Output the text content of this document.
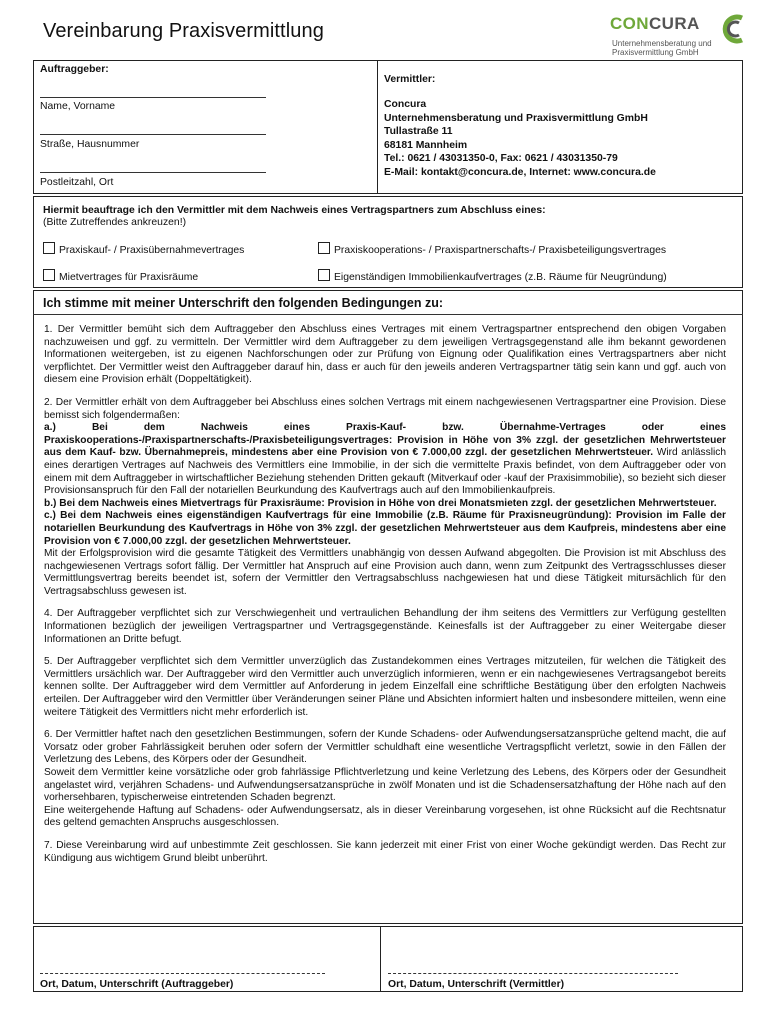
Vereinbarung Praxisvermittlung	CONCURA
Unternehmensberatung und
Praxisvermittlung GmbH
Auftraggeber:
Name, Vorname
Straße, Hausnummer
Postleitzahl, Ort
Vermittler:
Concura
Unternehmensberatung und Praxisvermittlung GmbH
Tullastraße 11
68181 Mannheim
Tel.: 0621 / 43031350-0, Fax: 0621 / 43031350-79
E-Mail: kontakt@concura.de, Internet: www.concura.de
Hiermit beauftrage ich den Vermittler mit dem Nachweis eines Vertragspartners zum Abschluss eines:
(Bitte Zutreffendes ankreuzen!)
Praxiskauf- / Praxisübernahmevertrages	Praxiskooperations- / Praxispartnerschafts-/ Praxisbeteiligungsvertrages
Mietvertrages für Praxisräume	Eigenständigen Immobilienkaufvertrages (z.B. Räume für Neugründung)
Ich stimme mit meiner Unterschrift den folgenden Bedingungen zu:

1. Der Vermittler bemüht sich dem Auftraggeber den Abschluss eines Vertrages mit einem Vertragspartner entsprechend den obigen Vorgaben nachzuweisen und ggf. zu vermitteln. Der Vermittler wird dem Auftraggeber zu dem jeweiligen Vertragsgegenstand alle ihm bekannt gewordenen Informationen weitergeben, ist zu eigenen Nachforschungen oder zur Prüfung von Eignung oder Qualifikation eines Vertragspartners aber nicht verpflichtet. Der Vermittler weist den Auftraggeber darauf hin, dass er auch für den jeweils anderen Vertragspartner tätig sein kann und ggf. auch von diesem eine Provision erhält (Doppeltätigkeit).

2. Der Vermittler erhält von dem Auftraggeber bei Abschluss eines solchen Vertrags mit einem nachgewiesenen Vertragspartner eine Provision. Diese bemisst sich folgendermaßen:
a.) Bei dem Nachweis eines Praxis-Kauf- bzw. Übernahme-Vertrages oder eines Praxiskooperations-/Praxispartnerschafts-/Praxisbeteiligungsvertrages: Provision in Höhe von 3% zzgl. der gesetzlichen Mehrwertsteuer aus dem Kauf- bzw. Übernahmepreis, mindestens aber eine Provision von € 7.000,00 zzgl. der gesetzlichen Mehrwertsteuer. Wird anlässlich eines derartigen Vertrages auf Nachweis des Vermittlers eine Immobilie, in der sich die vermittelte Praxis befindet, von dem Auftraggeber oder von einem mit dem Auftraggeber in wirtschaftlicher Beziehung stehenden Dritten gekauft (Mitverkauf oder -kauf der Praxisimmobilie), so bezieht sich dieser Provisionsanspruch für den Fall der notariellen Beurkundung des Kaufvertrags auch auf den Immobilienkaufpreis.
b.) Bei dem Nachweis eines Mietvertrags für Praxisräume: Provision in Höhe von drei Monatsmieten zzgl. der gesetzlichen Mehrwertsteuer.
c.) Bei dem Nachweis eines eigenständigen Kaufvertrags für eine Immobilie (z.B. Räume für Praxisneugründung): Provision im Falle der notariellen Beurkundung des Kaufvertrags in Höhe von 3% zzgl. der gesetzlichen Mehrwertsteuer aus dem Kaufpreis, mindestens aber eine Provision von € 7.000,00 zzgl. der gesetzlichen Mehrwertsteuer.
Mit der Erfolgsprovision wird die gesamte Tätigkeit des Vermittlers unabhängig von dessen Aufwand abgegolten. Die Provision ist mit Abschluss des nachgewiesenen Vertrags sofort fällig. Der Vermittler hat Anspruch auf eine Provision auch dann, wenn zum Zeitpunkt des Vertragsschlusses dieser Vermittlungsvertrag bereits beendet ist, sofern der Vermittler den Vertragsabschluss nachgewiesen hat und diese Tätigkeit mitursächlich für den Vertragsabschluss gewesen ist.

4. Der Auftraggeber verpflichtet sich zur Verschwiegenheit und vertraulichen Behandlung der ihm seitens des Vermittlers zur Verfügung gestellten Informationen bezüglich der jeweiligen Vertragspartner und Vertragsgegenstände. Keinesfalls ist der Auftraggeber zu einer Weitergabe dieser Informationen an Dritte befugt.

5. Der Auftraggeber verpflichtet sich dem Vermittler unverzüglich das Zustandekommen eines Vertrages mitzuteilen, für welchen die Tätigkeit des Vermittlers ursächlich war. Der Auftraggeber wird den Vermittler auch unverzüglich informieren, wenn er ein nachgewiesenes Vertragsangebot bereits kennen sollte. Der Auftraggeber wird dem Vermittler auf Anforderung in jedem Einzelfall eine schriftliche Bestätigung über den erfolgten Nachweis erteilen. Der Auftraggeber wird den Vermittler über Veränderungen seiner Pläne und Absichten informiert halten und insbesondere mitteilen, wenn eine weitere Tätigkeit des Vermittlers nicht mehr erforderlich ist.

6. Der Vermittler haftet nach den gesetzlichen Bestimmungen, sofern der Kunde Schadens- oder Aufwendungsersatzansprüche geltend macht, die auf Vorsatz oder grober Fahrlässigkeit beruhen oder sofern der Vermittler schuldhaft eine wesentliche Vertragspflicht verletzt, sowie in den Fällen der Verletzung des Lebens, des Körpers oder der Gesundheit.
Soweit dem Vermittler keine vorsätzliche oder grob fahrlässige Pflichtverletzung und keine Verletzung des Lebens, des Körpers oder der Gesundheit angelastet wird, verjähren Schadens- und Aufwendungsersatzansprüche in zwölf Monaten und ist die Schadensersatzhaftung der Höhe nach auf den vorhersehbaren, typischerweise eintretenden Schaden begrenzt.
Eine weitergehende Haftung auf Schadens- oder Aufwendungsersatz, als in dieser Vereinbarung vorgesehen, ist ohne Rücksicht auf die Rechtsnatur des geltend gemachten Anspruchs ausgeschlossen.

7. Diese Vereinbarung wird auf unbestimmte Zeit geschlossen. Sie kann jederzeit mit einer Frist von einer Woche gekündigt werden. Das Recht zur Kündigung aus wichtigem Grund bleibt unberührt.

Ort, Datum, Unterschrift (Auftraggeber)	Ort, Datum, Unterschrift (Vermittler)
